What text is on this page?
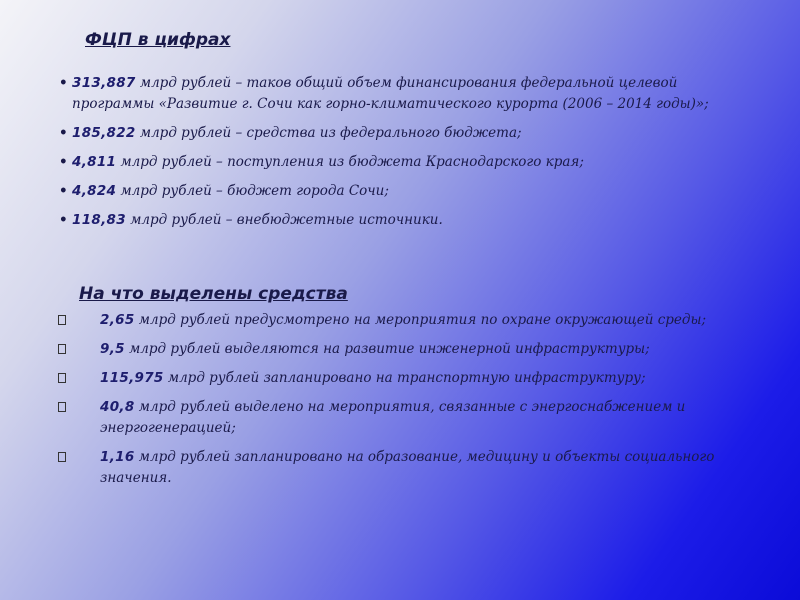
ФЦП в цифрах
• 313,887 млрд рублей – таков общий объем финансирования федеральной целевой программы «Развитие г. Сочи как горно-климатического курорта (2006 – 2014 годы)»;
• 185,822 млрд рублей – средства из федерального бюджета;
• 4,811 млрд рублей – поступления из бюджета Краснодарского края;
• 4,824 млрд рублей – бюджет города Сочи;
• 118,83 млрд рублей – внебюджетные источники.
На что выделены средства
2,65 млрд рублей предусмотрено на мероприятия по охране окружающей среды;
9,5 млрд рублей выделяются на развитие инженерной инфраструктуры;
115,975 млрд рублей запланировано на транспортную инфраструктуру;
40,8 млрд рублей выделено на мероприятия, связанные с энергоснабжением и энергогенерацией;
1,16 млрд рублей запланировано на образование, медицину и объекты социального значения.
